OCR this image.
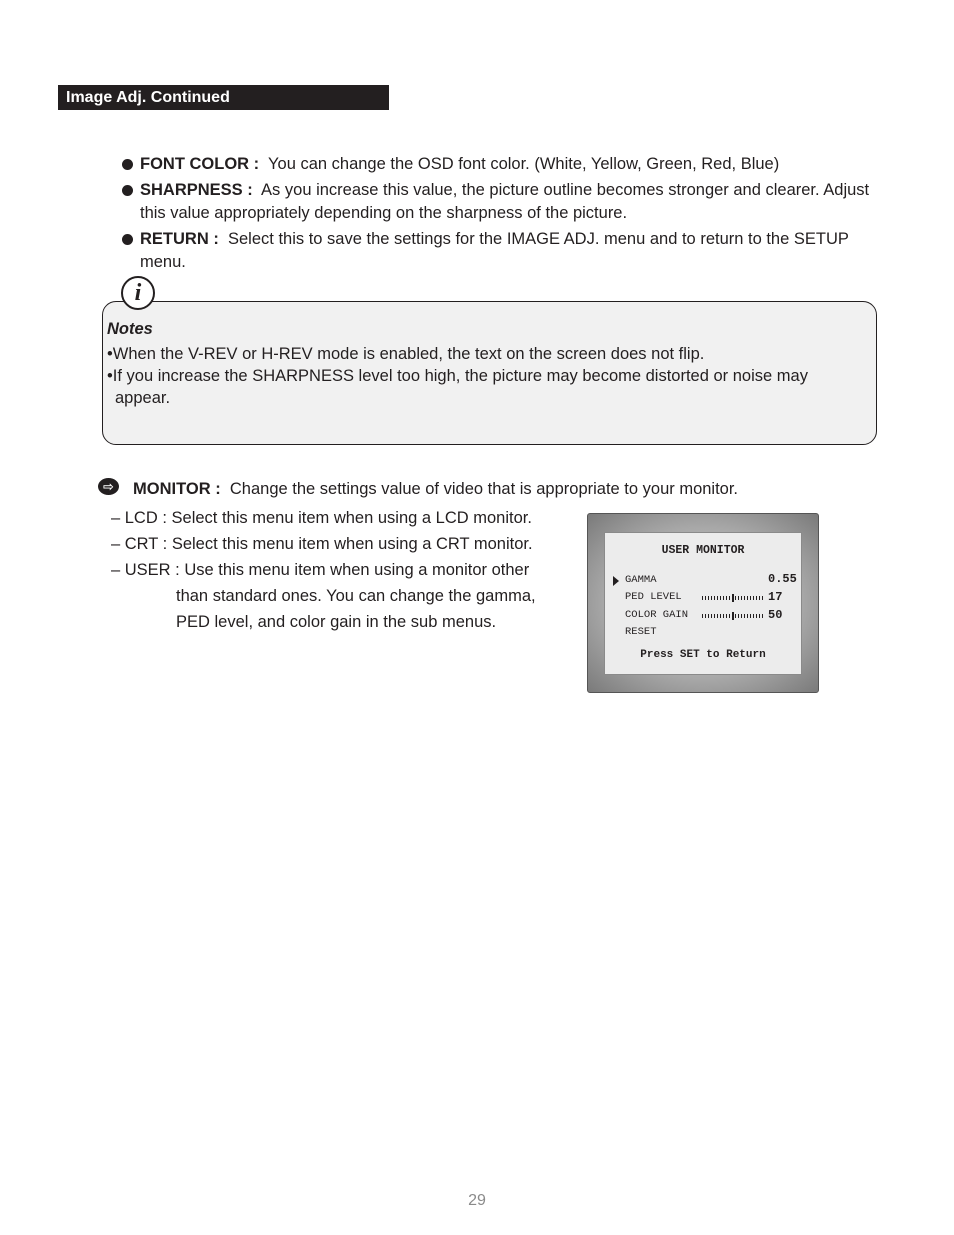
Image Adj. Continued
FONT COLOR : You can change the OSD font color. (White, Yellow, Green, Red, Blue)
SHARPNESS : As you increase this value, the picture outline becomes stronger and clearer. Adjust this value appropriately depending on the sharpness of the picture.
RETURN : Select this to save the settings for the IMAGE ADJ. menu and to return to the SETUP menu.
i
Notes
•When the V-REV or H-REV mode is enabled, the text on the screen does not flip.
•If you increase the SHARPNESS level too high, the picture may become distorted or noise may
appear.
⇨ MONITOR : Change the settings value of video that is appropriate to your monitor.
– LCD : Select this menu item when using a LCD monitor.
– CRT : Select this menu item when using a CRT monitor.
– USER : Use this menu item when using a monitor other
than standard ones. You can change the gamma,
PED level, and color gain in the sub menus.
USER MONITOR
GAMMA	0.55
PED LEVEL	17
COLOR GAIN	50
RESET
Press SET to Return
29
